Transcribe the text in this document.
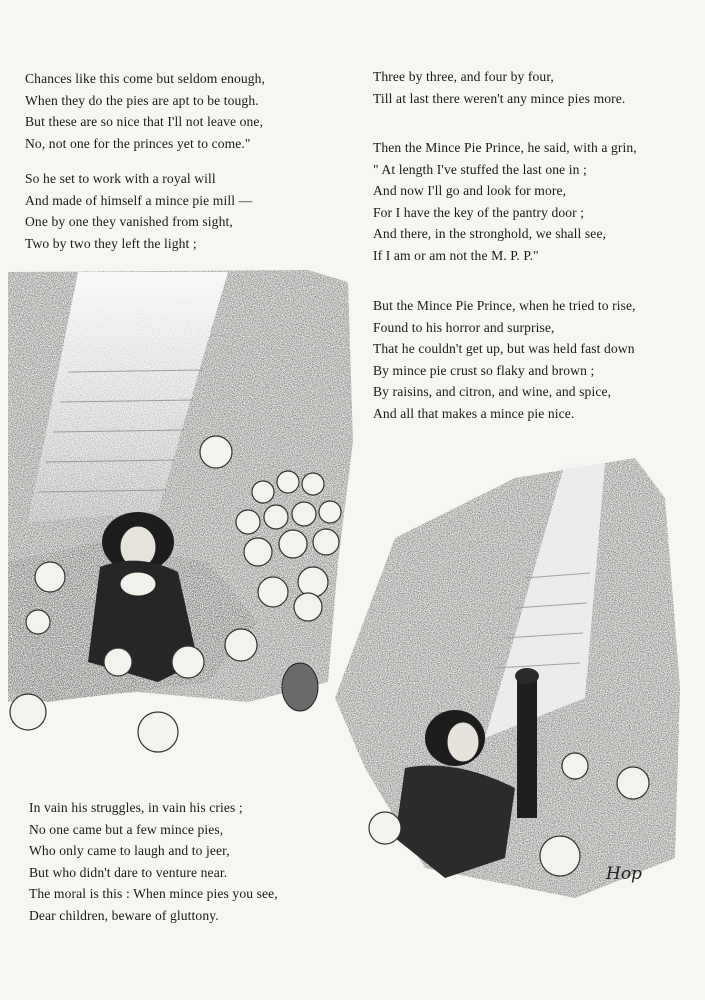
Chances like this come but seldom enough,
When they do the pies are apt to be tough.
But these are so nice that I'll not leave one,
No, not one for the princes yet to come."

So he set to work with a royal will
And made of himself a mince pie mill —
One by one they vanished from sight,
Two by two they left the light ;

Three by three, and four by four,
Till at last there weren't any mince pies more.

Then the Mince Pie Prince, he said, with a grin,
" At length I've stuffed the last one in ;
And now I'll go and look for more,
For I have the key of the pantry door ;
And there, in the stronghold, we shall see,
If I am or am not the M. P. P."

But the Mince Pie Prince, when he tried to rise,
Found to his horror and surprise,
That he couldn't get up, but was held fast down
By mince pie crust so flaky and brown ;
By raisins, and citron, and wine, and spice,
And all that makes a mince pie nice.

In vain his struggles, in vain his cries ;
No one came but a few mince pies,
Who only came to laugh and to jeer,
But who didn't dare to venture near.
The moral is this : When mince pies you see,
Dear children, beware of gluttony.

Hop
